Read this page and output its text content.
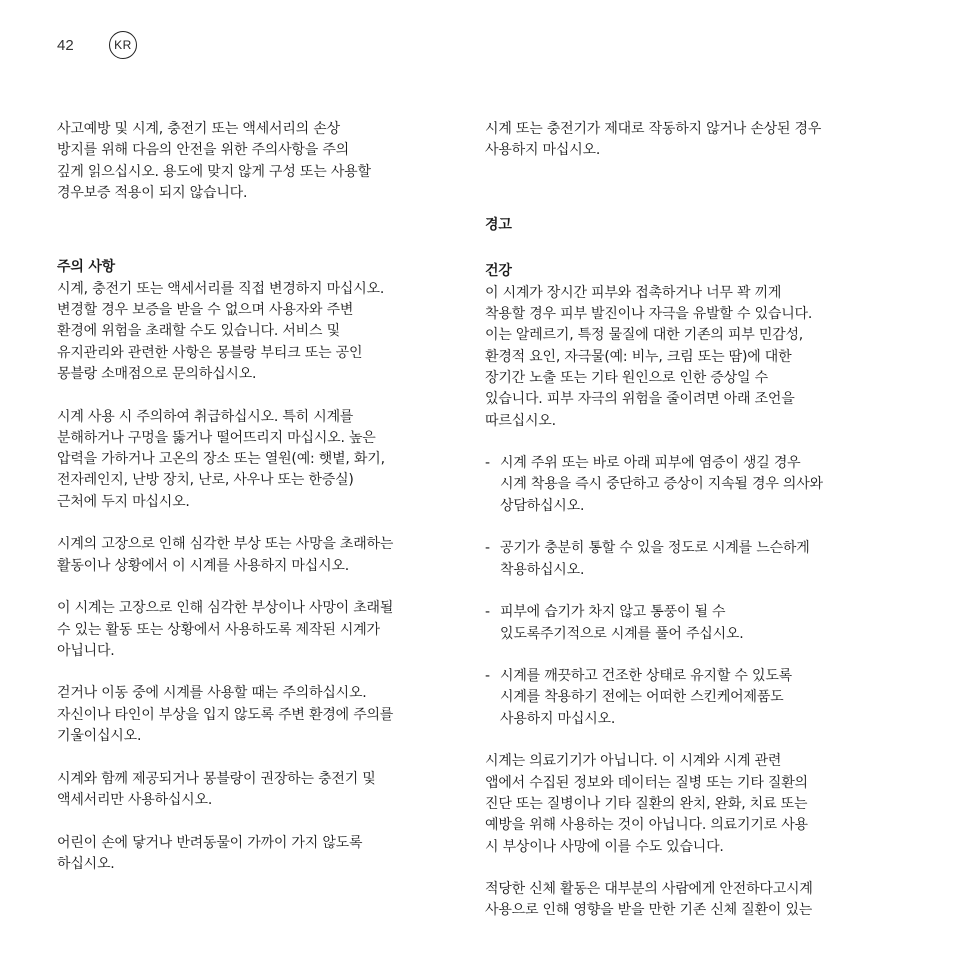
42	KR

사고예방 및 시계, 충전기 또는 액세서리의 손상
방지를 위해 다음의 안전을 위한 주의사항을 주의
깊게 읽으십시오. 용도에 맞지 않게 구성 또는 사용할
경우보증 적용이 되지 않습니다.

주의 사항

시계, 충전기 또는 액세서리를 직접 변경하지 마십시오.
변경할 경우 보증을 받을 수 없으며 사용자와 주변
환경에 위험을 초래할 수도 있습니다. 서비스 및
유지관리와 관련한 사항은 몽블랑 부티크 또는 공인
몽블랑 소매점으로 문의하십시오.

시계 사용 시 주의하여 취급하십시오. 특히 시계를
분해하거나 구멍을 뚫거나 떨어뜨리지 마십시오. 높은
압력을 가하거나 고온의 장소 또는 열원(예: 햇볕, 화기,
전자레인지, 난방 장치, 난로, 사우나 또는 한증실)
근처에 두지 마십시오.

시계의 고장으로 인해 심각한 부상 또는 사망을 초래하는
활동이나 상황에서 이 시계를 사용하지 마십시오.

이 시계는 고장으로 인해 심각한 부상이나 사망이 초래될
수 있는 활동 또는 상황에서 사용하도록 제작된 시계가
아닙니다.

걷거나 이동 중에 시계를 사용할 때는 주의하십시오.
자신이나 타인이 부상을 입지 않도록 주변 환경에 주의를
기울이십시오.

시계와 함께 제공되거나 몽블랑이 권장하는 충전기 및
액세서리만 사용하십시오.

어린이 손에 닿거나 반려동물이 가까이 가지 않도록
하십시오.

시계 또는 충전기가 제대로 작동하지 않거나 손상된 경우
사용하지 마십시오.

경고

건강

이 시계가 장시간 피부와 접촉하거나 너무 꽉 끼게
착용할 경우 피부 발진이나 자극을 유발할 수 있습니다.
이는 알레르기, 특정 물질에 대한 기존의 피부 민감성,
환경적 요인, 자극물(예: 비누, 크림 또는 땀)에 대한
장기간 노출 또는 기타 원인으로 인한 증상일 수
있습니다. 피부 자극의 위험을 줄이려면 아래 조언을
따르십시오.

- 시계 주위 또는 바로 아래 피부에 염증이 생길 경우
시계 착용을 즉시 중단하고 증상이 지속될 경우 의사와
상담하십시오.
- 공기가 충분히 통할 수 있을 정도로 시계를 느슨하게
착용하십시오.
- 피부에 습기가 차지 않고 통풍이 될 수
있도록주기적으로 시계를 풀어 주십시오.
- 시계를 깨끗하고 건조한 상태로 유지할 수 있도록
시계를 착용하기 전에는 어떠한 스킨케어제품도
사용하지 마십시오.

시계는 의료기기가 아닙니다. 이 시계와 시계 관련
앱에서 수집된 정보와 데이터는 질병 또는 기타 질환의
진단 또는 질병이나 기타 질환의 완치, 완화, 치료 또는
예방을 위해 사용하는 것이 아닙니다. 의료기기로 사용
시 부상이나 사망에 이를 수도 있습니다.

적당한 신체 활동은 대부분의 사람에게 안전하다고시계
사용으로 인해 영향을 받을 만한 기존 신체 질환이 있는
